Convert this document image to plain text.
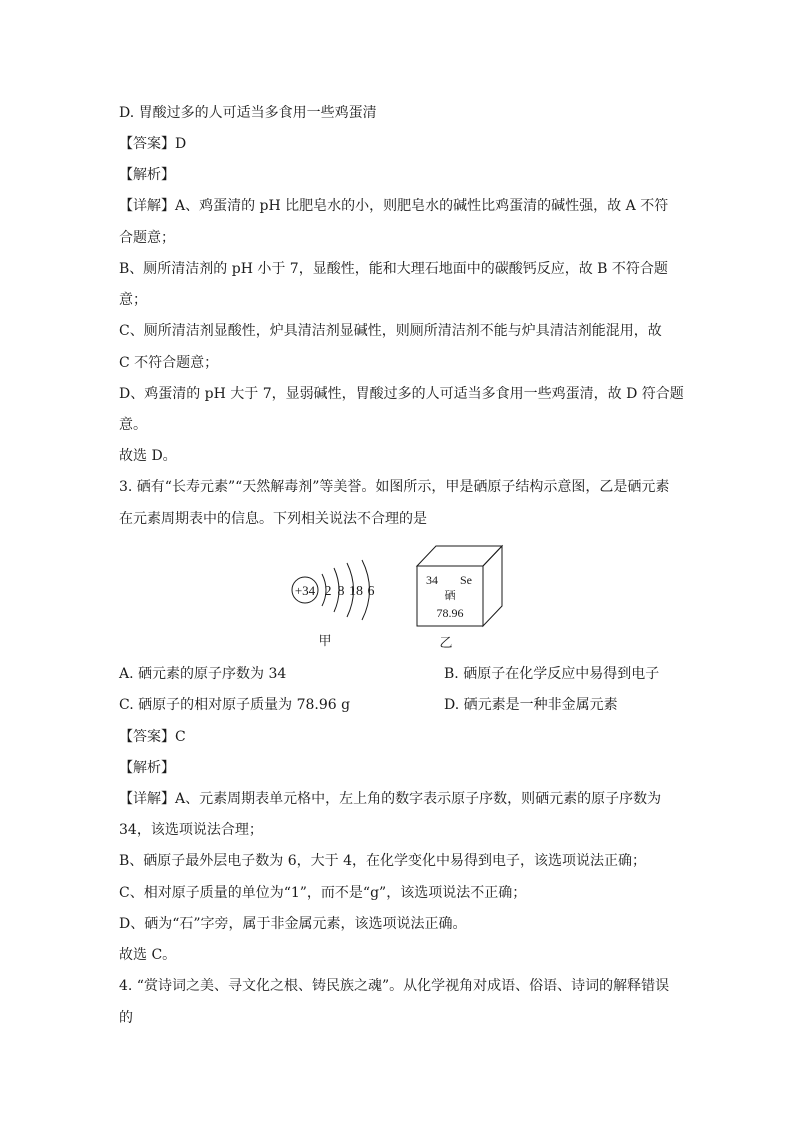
D. 胃酸过多的人可适当多食用一些鸡蛋清
【答案】D
【解析】
【详解】A、鸡蛋清的 pH 比肥皂水的小，则肥皂水的碱性比鸡蛋清的碱性强，故 A 不符
合题意；
B、厕所清洁剂的 pH 小于 7，显酸性，能和大理石地面中的碳酸钙反应，故 B 不符合题
意；
C、厕所清洁剂显酸性，炉具清洁剂显碱性，则厕所清洁剂不能与炉具清洁剂能混用，故
C 不符合题意；
D、鸡蛋清的 pH 大于 7，显弱碱性，胃酸过多的人可适当多食用一些鸡蛋清，故 D 符合题
意。
故选 D。
3. 硒有“长寿元素”“天然解毒剂”等美誉。如图所示，甲是硒原子结构示意图，乙是硒元素
在元素周期表中的信息。下列相关说法不合理的是
+34 2 8 18 6
甲
34 Se
硒
78.96
乙
A. 硒元素的原子序数为 34	B. 硒原子在化学反应中易得到电子
C. 硒原子的相对原子质量为 78.96 g	D. 硒元素是一种非金属元素
【答案】C
【解析】
【详解】A、元素周期表单元格中，左上角的数字表示原子序数，则硒元素的原子序数为
34，该选项说法合理；
B、硒原子最外层电子数为 6，大于 4，在化学变化中易得到电子，该选项说法正确；
C、相对原子质量的单位为“1”，而不是“g”，该选项说法不正确；
D、硒为“石”字旁，属于非金属元素，该选项说法正确。
故选 C。
4. “赏诗词之美、寻文化之根、铸民族之魂”。从化学视角对成语、俗语、诗词的解释错误
的
